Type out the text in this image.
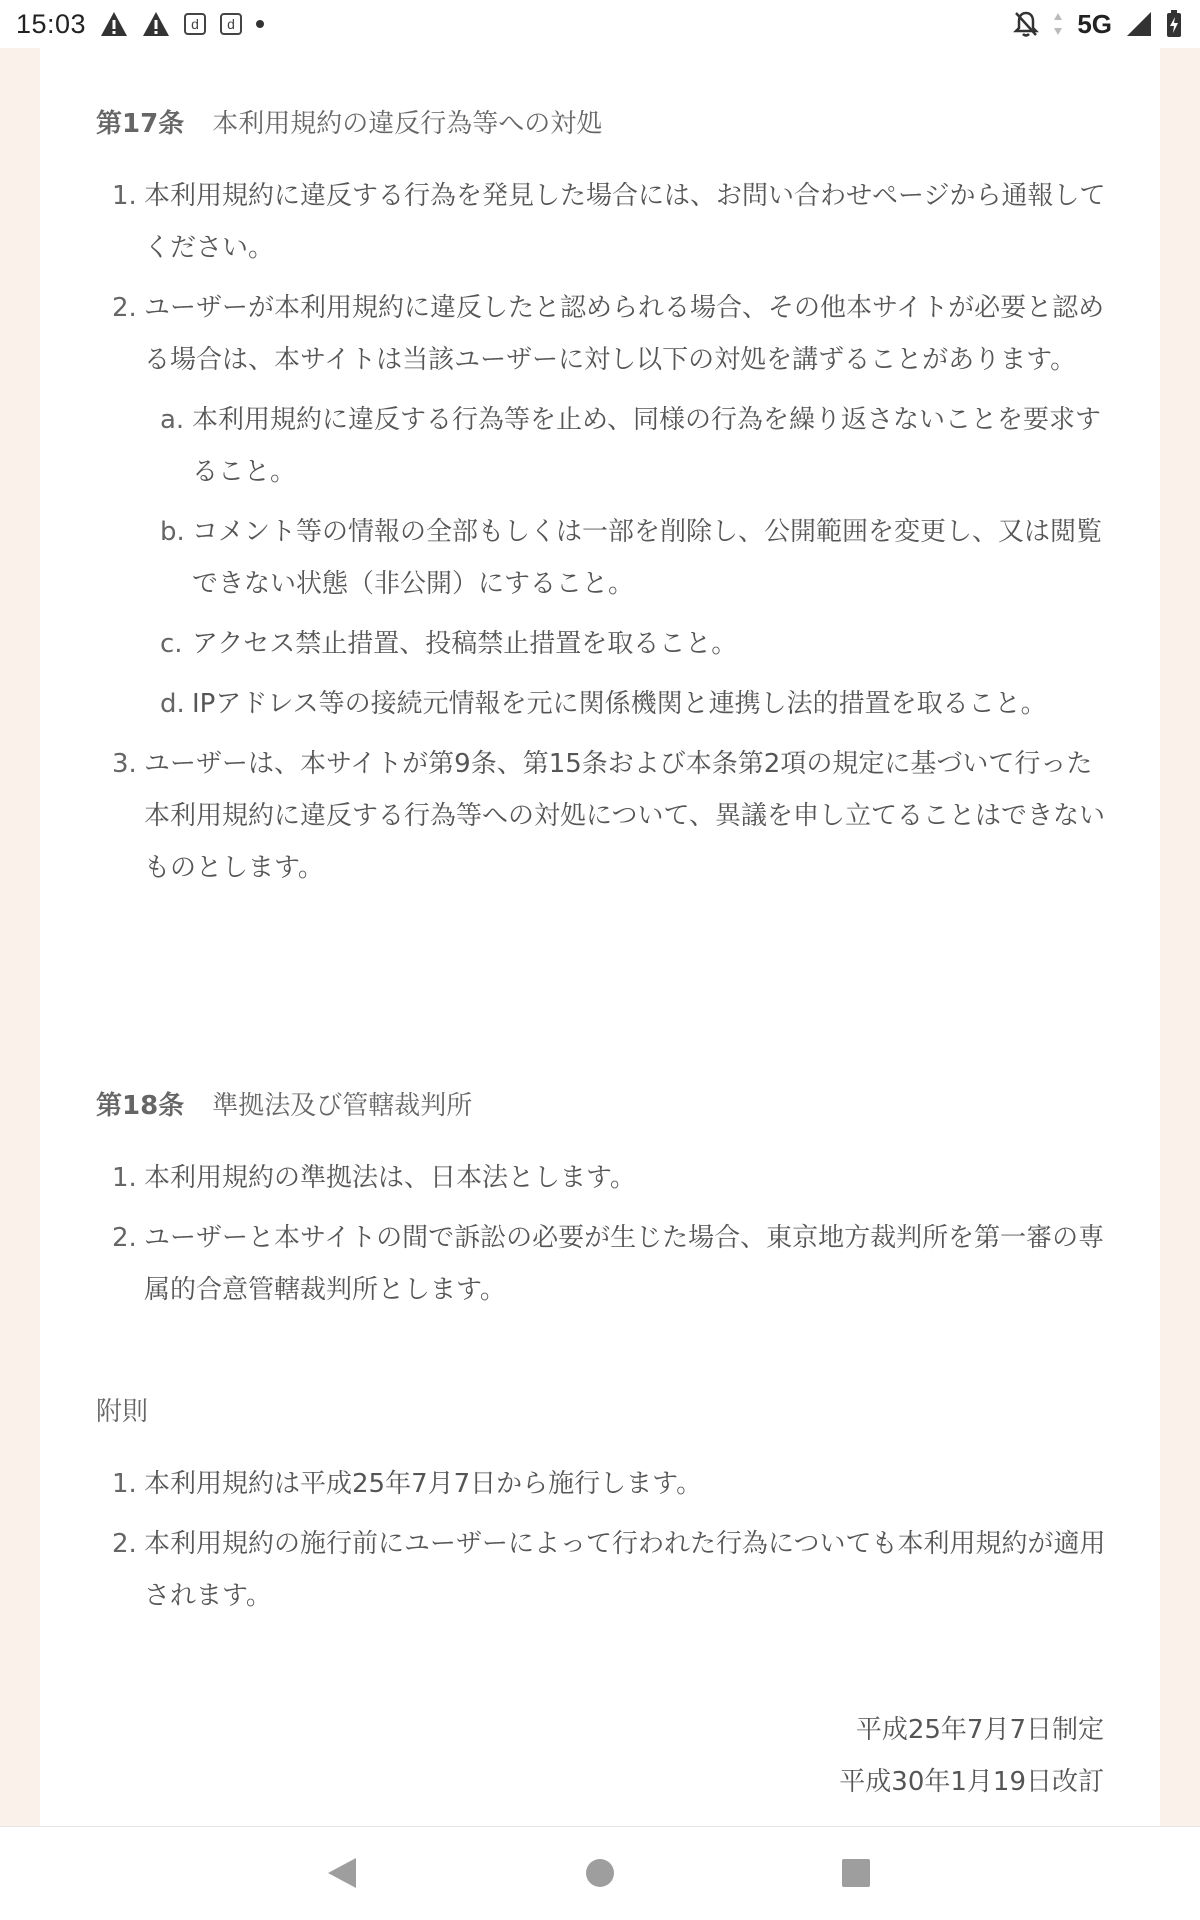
15:03	d	d	5G
第17条 本利用規約の違反行為等への対処
1. 本利用規約に違反する行為を発見した場合には、お問い合わせページから通報してください。
2. ユーザーが本利用規約に違反したと認められる場合、その他本サイトが必要と認める場合は、本サイトは当該ユーザーに対し以下の対処を講ずることがあります。
a. 本利用規約に違反する行為等を止め、同様の行為を繰り返さないことを要求すること。
b. コメント等の情報の全部もしくは一部を削除し、公開範囲を変更し、又は閲覧できない状態（非公開）にすること。
c. アクセス禁止措置、投稿禁止措置を取ること。
d. IPアドレス等の接続元情報を元に関係機関と連携し法的措置を取ること。
3. ユーザーは、本サイトが第9条、第15条および本条第2項の規定に基づいて行った本利用規約に違反する行為等への対処について、異議を申し立てることはできないものとします。
第18条 準拠法及び管轄裁判所
1. 本利用規約の準拠法は、日本法とします。
2. ユーザーと本サイトの間で訴訟の必要が生じた場合、東京地方裁判所を第一審の専属的合意管轄裁判所とします。
附則
1. 本利用規約は平成25年7月7日から施行します。
2. 本利用規約の施行前にユーザーによって行われた行為についても本利用規約が適用されます。
平成25年7月7日制定
平成30年1月19日改訂
